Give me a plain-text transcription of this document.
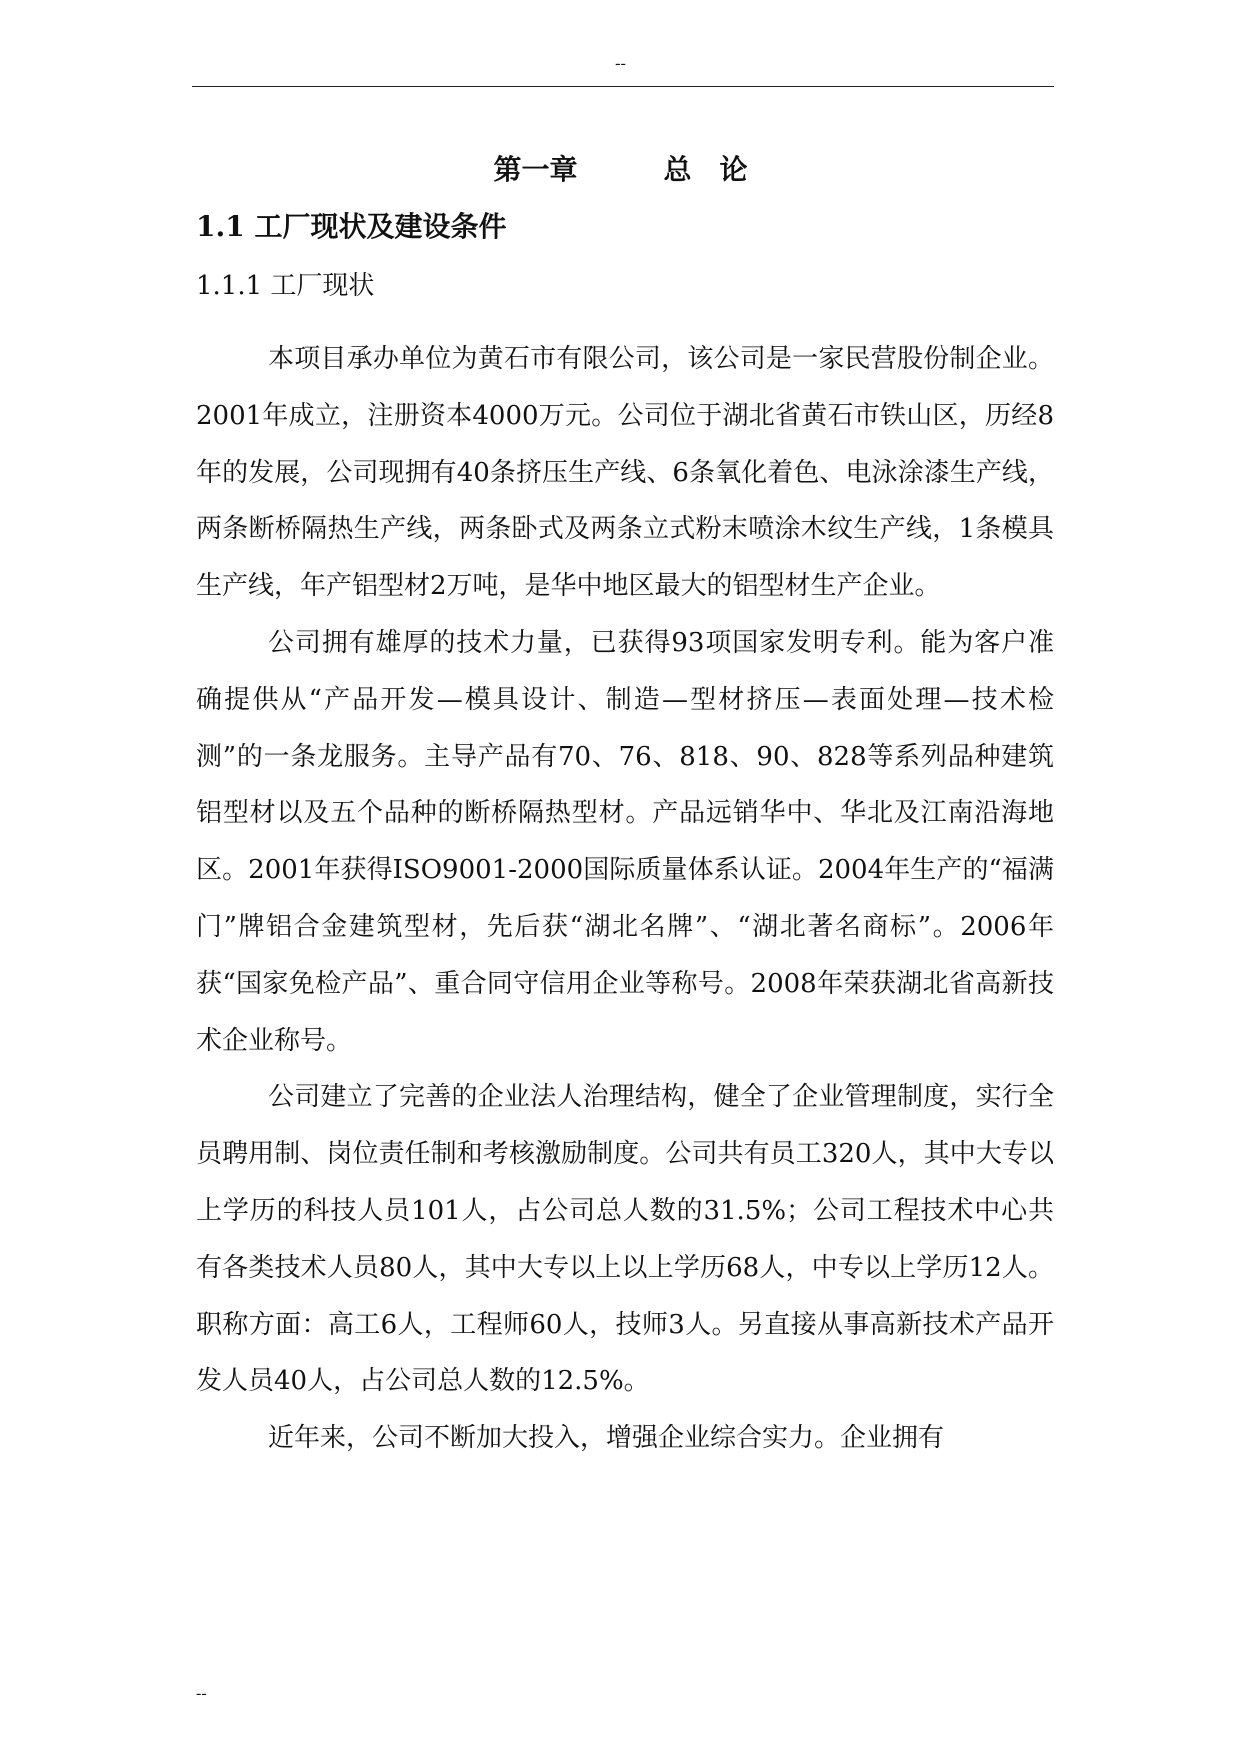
--
第一章	总　论
1.1 工厂现状及建设条件
1.1.1 工厂现状

本项目承办单位为黄石市有限公司，该公司是一家民营股份制企业。2001年成立，注册资本4000万元。公司位于湖北省黄石市铁山区，历经8年的发展，公司现拥有40条挤压生产线、6条氧化着色、电泳涂漆生产线，两条断桥隔热生产线，两条卧式及两条立式粉末喷涂木纹生产线，1条模具生产线，年产铝型材2万吨，是华中地区最大的铝型材生产企业。

公司拥有雄厚的技术力量，已获得93项国家发明专利。能为客户准确提供从“产品开发—模具设计、制造—型材挤压—表面处理—技术检测”的一条龙服务。主导产品有70、76、818、90、828等系列品种建筑铝型材以及五个品种的断桥隔热型材。产品远销华中、华北及江南沿海地区。2001年获得ISO9001-2000国际质量体系认证。2004年生产的“福满门”牌铝合金建筑型材，先后获“湖北名牌”、“湖北著名商标”。2006年获“国家免检产品”、重合同守信用企业等称号。2008年荣获湖北省高新技术企业称号。

公司建立了完善的企业法人治理结构，健全了企业管理制度，实行全员聘用制、岗位责任制和考核激励制度。公司共有员工320人，其中大专以上学历的科技人员101人，占公司总人数的31.5%；公司工程技术中心共有各类技术人员80人，其中大专以上以上学历68人，中专以上学历12人。职称方面：高工6人，工程师60人，技师3人。另直接从事高新技术产品开发人员40人，占公司总人数的12.5%。

近年来，公司不断加大投入，增强企业综合实力。企业拥有

--
